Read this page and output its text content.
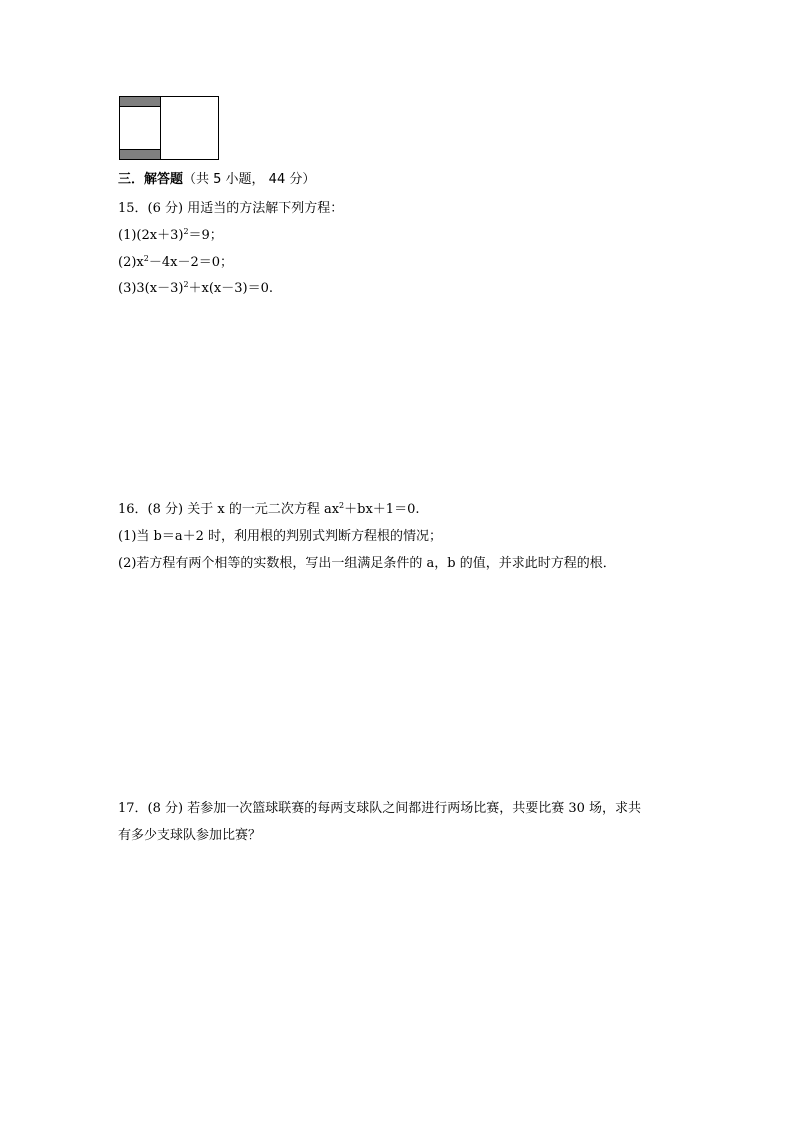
三．解答题（共 5 小题， 44 分）
15．(6 分) 用适当的方法解下列方程：
$(1)(2x+3)^2=9$；
$(2)x^2-4x-2=0$；
$(3)3(x-3)^2+x(x-3)=0$.
16．(8 分) 关于 x 的一元二次方程 $ax^2+bx+1=0$.
(1)当 b＝a＋2 时，利用根的判别式判断方程根的情况；
(2)若方程有两个相等的实数根，写出一组满足条件的 a，b 的值，并求此时方程的根．
17．(8 分) 若参加一次篮球联赛的每两支球队之间都进行两场比赛，共要比赛 30 场，求共
有多少支球队参加比赛？
